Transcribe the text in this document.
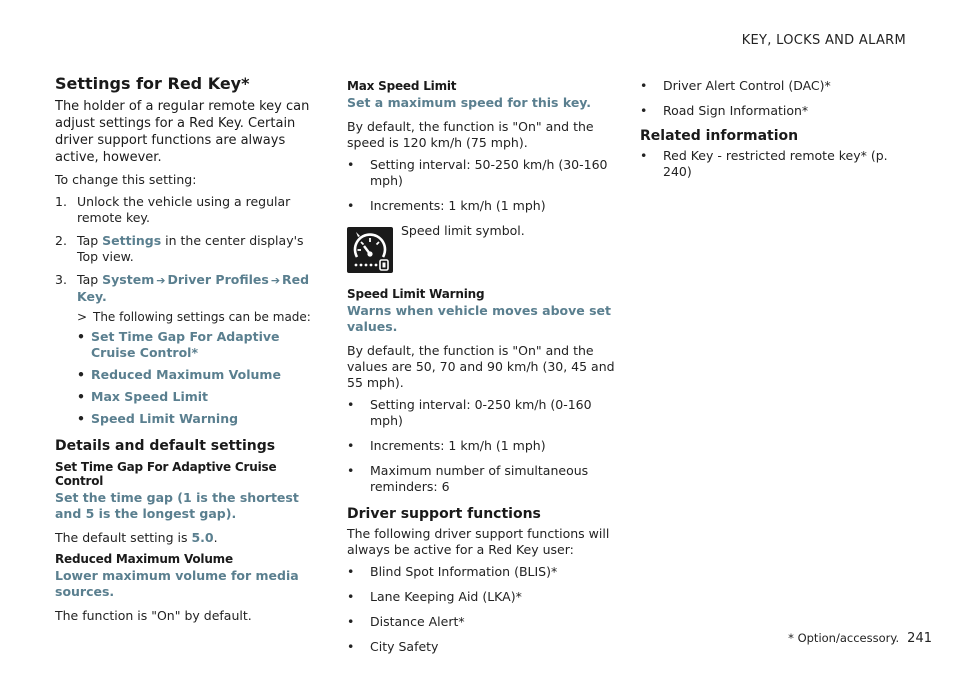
KEY, LOCKS AND ALARM
Settings for Red Key*
The holder of a regular remote key can adjust settings for a Red Key. Certain driver support functions are always active, however.

To change this setting:

1. Unlock the vehicle using a regular remote key.
2. Tap Settings in the center display's Top view.
3. Tap System ➔ Driver Profiles ➔ Red Key.
> The following settings can be made:
• Set Time Gap For Adaptive Cruise Control*
• Reduced Maximum Volume
• Max Speed Limit
• Speed Limit Warning
Details and default settings
Set Time Gap For Adaptive Cruise Control
Set the time gap (1 is the shortest and 5 is the longest gap).

The default setting is 5.0.

Reduced Maximum Volume
Lower maximum volume for media sources.

The function is "On" by default.

Max Speed Limit
Set a maximum speed for this key.

By default, the function is "On" and the speed is 120 km/h (75 mph).

• Setting interval: 50-250 km/h (30-160 mph)
• Increments: 1 km/h (1 mph)
Speed limit symbol.
Speed Limit Warning
Warns when vehicle moves above set values.

By default, the function is "On" and the values are 50, 70 and 90 km/h (30, 45 and 55 mph).

• Setting interval: 0-250 km/h (0-160 mph)
• Increments: 1 km/h (1 mph)
• Maximum number of simultaneous reminders: 6
Driver support functions

The following driver support functions will always be active for a Red Key user:

• Blind Spot Information (BLIS)*
• Lane Keeping Aid (LKA)*
• Distance Alert*
• City Safety
• Driver Alert Control (DAC)*
• Road Sign Information*
Related information
• Red Key - restricted remote key* (p. 240)
* Option/accessory. 241
